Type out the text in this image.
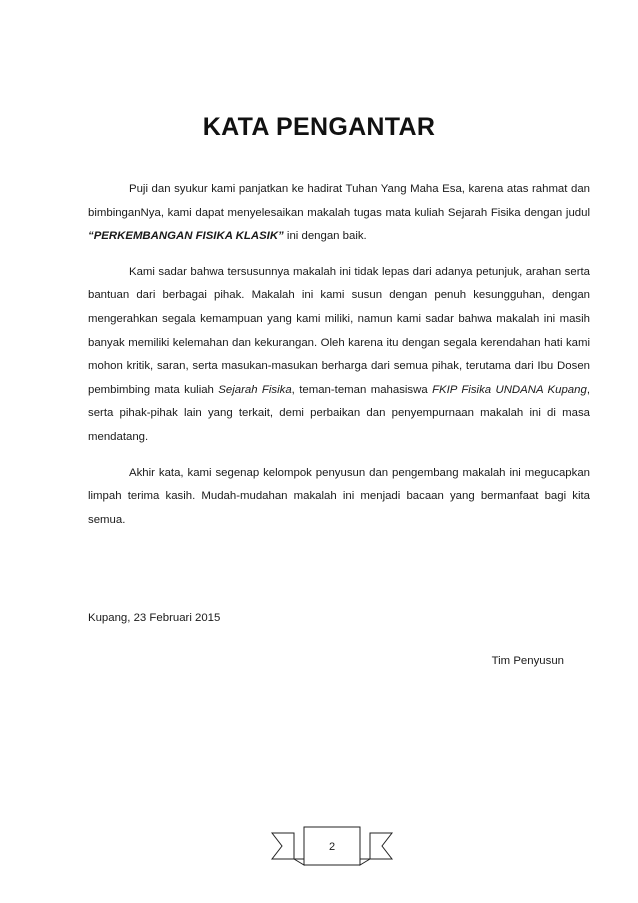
KATA PENGANTAR

Puji dan syukur kami panjatkan ke hadirat Tuhan Yang Maha Esa, karena atas rahmat dan bimbinganNya, kami dapat menyelesaikan makalah tugas mata kuliah Sejarah Fisika dengan judul “PERKEMBANGAN FISIKA KLASIK” ini dengan baik.

Kami sadar bahwa tersusunnya makalah ini tidak lepas dari adanya petunjuk, arahan serta bantuan dari berbagai pihak. Makalah ini kami susun dengan penuh kesungguhan, dengan mengerahkan segala kemampuan yang kami miliki, namun kami sadar bahwa makalah ini masih banyak memiliki kelemahan dan kekurangan. Oleh karena itu dengan segala kerendahan hati kami mohon kritik, saran, serta masukan-masukan berharga dari semua pihak, terutama dari Ibu Dosen pembimbing mata kuliah Sejarah Fisika, teman-teman mahasiswa FKIP Fisika UNDANA Kupang, serta pihak-pihak lain yang terkait, demi perbaikan dan penyempurnaan makalah ini di masa mendatang.

Akhir kata, kami segenap kelompok penyusun dan pengembang makalah ini megucapkan limpah terima kasih. Mudah-mudahan makalah ini menjadi bacaan yang bermanfaat bagi kita semua.

Kupang, 23 Februari 2015
Tim Penyusun
2
